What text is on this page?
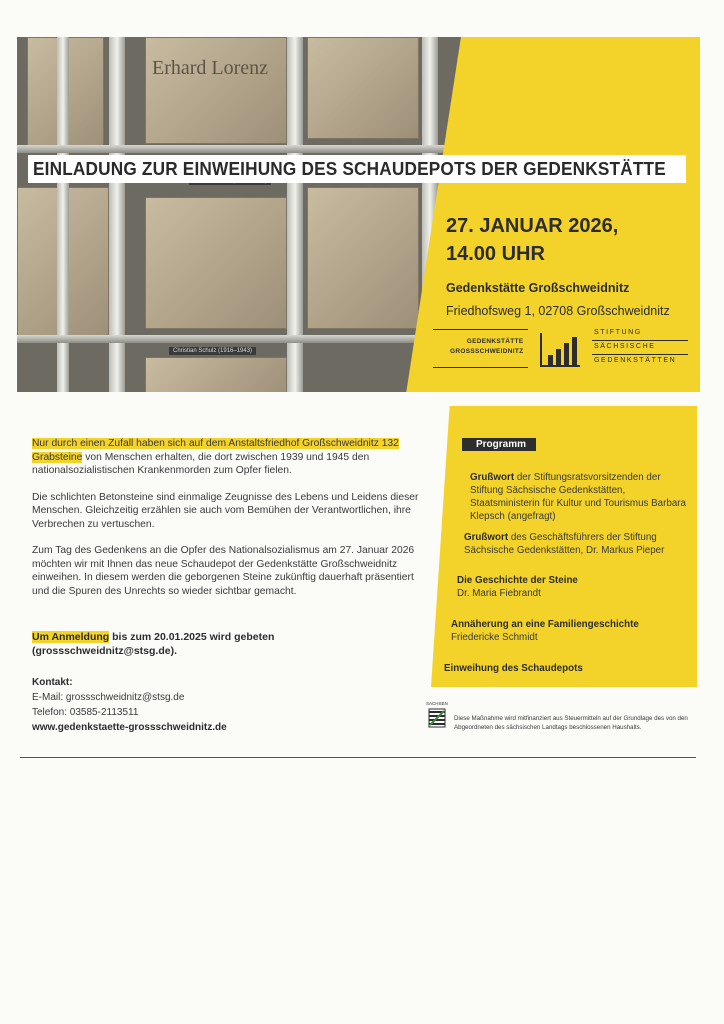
Erhard Lorenz
Christian Schulz (1916–1943)
EINLADUNG ZUR EINWEIHUNG DES SCHAUDEPOTS DER GEDENKSTÄTTE
27. JANUAR 2026,
14.00 UHR
Gedenkstätte Großschweidnitz
Friedhofsweg 1, 02708 Großschweidnitz
GEDENKSTÄTTE
GROSSSCHWEIDNITZ
STIFTUNG
SÄCHSISCHE
GEDENKSTÄTTEN

Nur durch einen Zufall haben sich auf dem Anstaltsfriedhof Großschweidnitz 132 Grabsteine von Menschen erhalten, die dort zwischen 1939 und 1945 den nationalsozialistischen Krankenmorden zum Opfer fielen.

Die schlichten Betonsteine sind einmalige Zeugnisse des Lebens und Leidens dieser Menschen. Gleichzeitig erzählen sie auch vom Bemühen der Verantwortlichen, ihre Verbrechen zu vertuschen.

Zum Tag des Gedenkens an die Opfer des Nationalsozialismus am 27. Januar 2026 möchten wir mit Ihnen das neue Schaudepot der Gedenkstätte Großschweidnitz einweihen. In diesem werden die geborgenen Steine zukünftig dauerhaft präsentiert und die Spuren des Unrechts so wieder sichtbar gemacht.

Um Anmeldung bis zum 20.01.2025 wird gebeten
(grossschweidnitz@stsg.de).
Kontakt:
E-Mail: grossschweidnitz@stsg.de
Telefon: 03585-2113511
www.gedenkstaette-grossschweidnitz.de
Programm
Grußwort der Stiftungsratsvorsitzenden der Stiftung Sächsische Gedenkstätten, Staatsministerin für Kultur und Tourismus Barbara Klepsch (angefragt)
Grußwort des Geschäftsführers der Stiftung Sächsische Gedenkstätten, Dr. Markus Pieper
Die Geschichte der Steine
Dr. Maria Fiebrandt
Annäherung an eine Familiengeschichte
Friedericke Schmidt
Einweihung des Schaudepots
SACHSEN
Diese Maßnahme wird mitfinanziert aus Steuermitteln auf der Grundlage des von den Abgeordneten des sächsischen Landtags beschlossenen Haushalts.
